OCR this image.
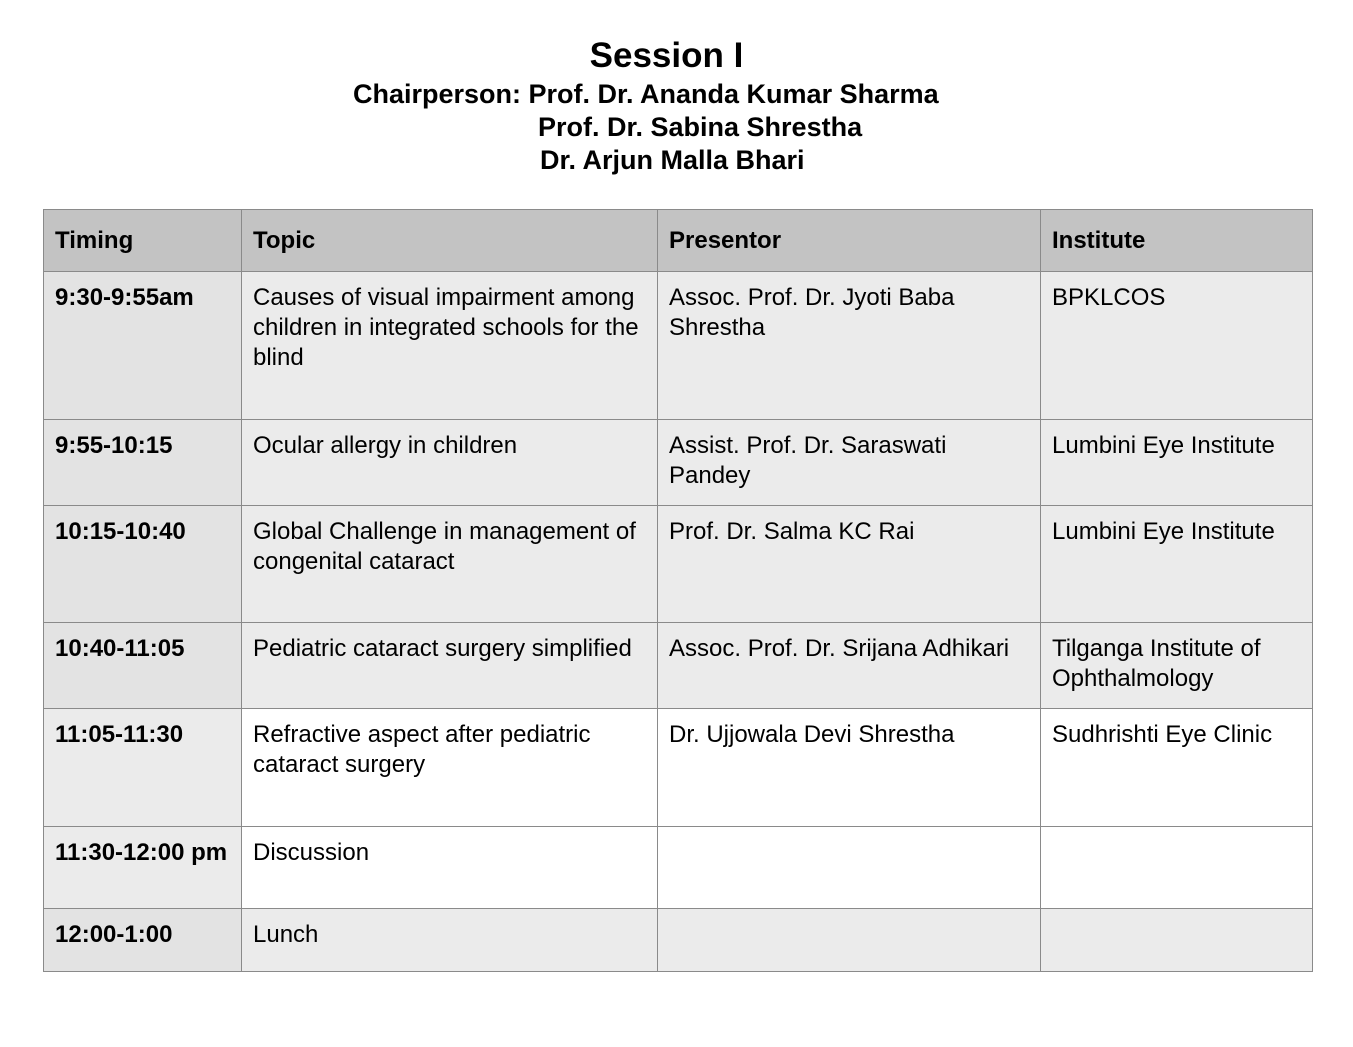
Session I
Chairperson: Prof. Dr. Ananda Kumar Sharma
Prof. Dr. Sabina Shrestha
Dr. Arjun Malla Bhari
Timing	Topic	Presentor	Institute
9:30-9:55am	Causes of visual impairment among children in integrated schools for the blind	Assoc. Prof. Dr. Jyoti Baba Shrestha	BPKLCOS
9:55-10:15	Ocular allergy in children	Assist. Prof. Dr. Saraswati Pandey	Lumbini Eye Institute
10:15-10:40	Global Challenge in management of congenital cataract	Prof. Dr. Salma KC Rai	Lumbini Eye Institute
10:40-11:05	Pediatric cataract surgery simplified	Assoc. Prof. Dr. Srijana Adhikari	Tilganga Institute of Ophthalmology
11:05-11:30	Refractive aspect after pediatric cataract surgery	Dr. Ujjowala Devi Shrestha	Sudhrishti Eye Clinic
11:30-12:00 pm	Discussion		
12:00-1:00	Lunch		
